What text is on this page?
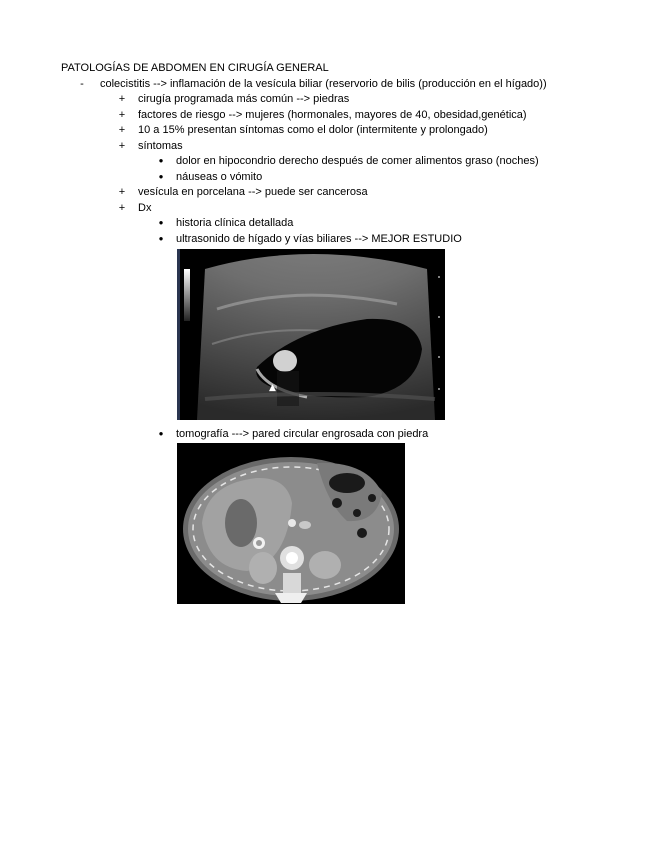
PATOLOGÍAS DE ABDOMEN EN CIRUGÍA GENERAL
-	colecistitis --> inflamación de la vesícula biliar (reservorio de bilis (producción en el hígado))
+ cirugía programada más común --> piedras
+ factores de riesgo --> mujeres (hormonales, mayores de 40, obesidad,genética)
+ 10 a 15% presentan síntomas como el dolor (intermitente y prolongado)
+ síntomas
●	dolor en hipocondrio derecho después de comer alimentos graso (noches)
●	náuseas o vómito
+ vesícula en porcelana --> puede ser cancerosa
+ Dx
●	historia clínica detallada
●	ultrasonido de hígado y vías biliares --> MEJOR ESTUDIO
▲
●	tomografía ---> pared circular engrosada con piedra
